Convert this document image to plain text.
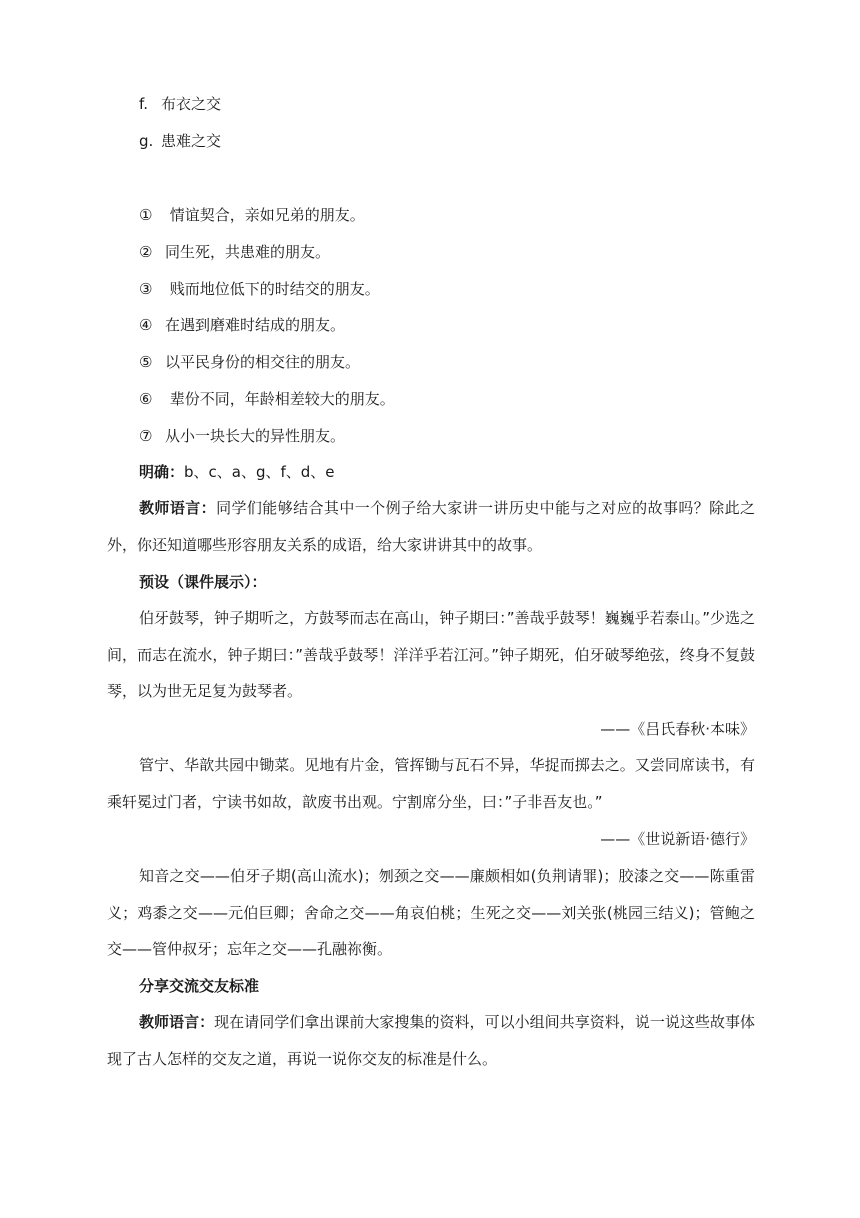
f. 布衣之交
g. 患难之交
① 情谊契合，亲如兄弟的朋友。
② 同生死，共患难的朋友。
③ 贱而地位低下的时结交的朋友。
④ 在遇到磨难时结成的朋友。
⑤ 以平民身份的相交往的朋友。
⑥ 辈份不同，年龄相差较大的朋友。
⑦ 从小一块长大的异性朋友。
明确：b、c、a、g、f、d、e

教师语言：同学们能够结合其中一个例子给大家讲一讲历史中能与之对应的故事吗？除此之外，你还知道哪些形容朋友关系的成语，给大家讲讲其中的故事。

预设（课件展示）：

伯牙鼓琴，钟子期听之，方鼓琴而志在高山，钟子期曰：”善哉乎鼓琴！巍巍乎若泰山。”少选之间，而志在流水，钟子期曰：”善哉乎鼓琴！洋洋乎若江河。”钟子期死，伯牙破琴绝弦，终身不复鼓琴，以为世无足复为鼓琴者。

——《吕氏春秋·本味》

管宁、华歆共园中锄菜。见地有片金，管挥锄与瓦石不异，华捉而掷去之。又尝同席读书，有乘轩冕过门者，宁读书如故，歆废书出观。宁割席分坐，曰：”子非吾友也。”

——《世说新语·德行》

知音之交——伯牙子期(高山流水)；刎颈之交——廉颇相如(负荆请罪)；胶漆之交——陈重雷义；鸡黍之交——元伯巨卿；舍命之交——角哀伯桃；生死之交——刘关张(桃园三结义)；管鲍之交——管仲叔牙；忘年之交——孔融祢衡。

分享交流交友标准

教师语言：现在请同学们拿出课前大家搜集的资料，可以小组间共享资料，说一说这些故事体现了古人怎样的交友之道，再说一说你交友的标准是什么。
